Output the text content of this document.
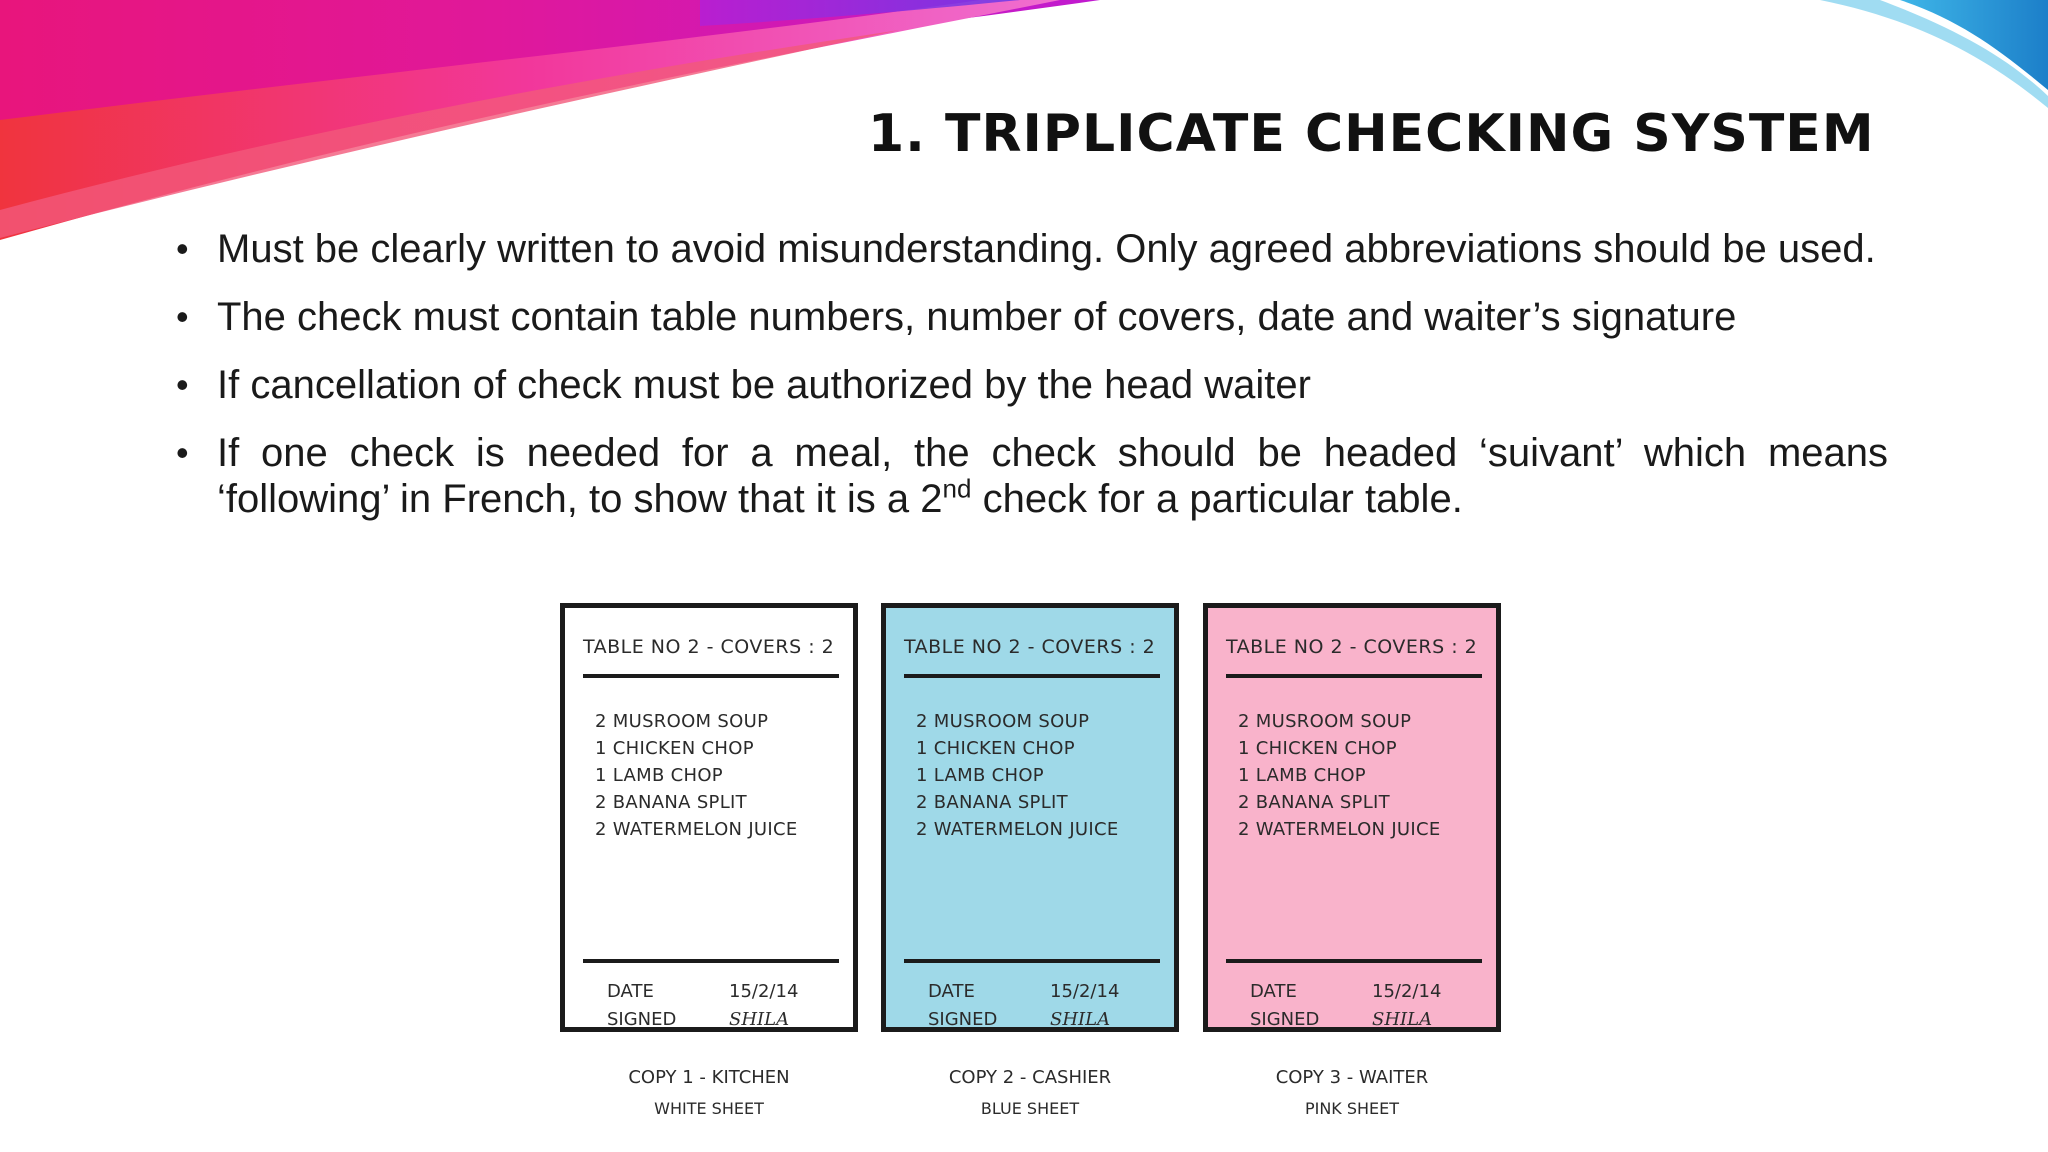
1. TRIPLICATE CHECKING SYSTEM
• Must be clearly written to avoid misunderstanding. Only agreed abbreviations should be used.
• The check must contain table numbers, number of covers, date and waiter’s signature
• If cancellation of check must be authorized by the head waiter
• If one check is needed for a meal, the check should be headed ‘suivant’ which means ‘following’ in French, to show that it is a 2nd check for a particular table.
TABLE NO 2 - COVERS : 2
2 MUSROOM SOUP
1 CHICKEN CHOP
1 LAMB CHOP
2 BANANA SPLIT
2 WATERMELON JUICE
DATE	15/2/14
SIGNED	SHILA
COPY 1 - KITCHEN
WHITE SHEET
TABLE NO 2 - COVERS : 2
2 MUSROOM SOUP
1 CHICKEN CHOP
1 LAMB CHOP
2 BANANA SPLIT
2 WATERMELON JUICE
DATE	15/2/14
SIGNED	SHILA
COPY 2 - CASHIER
BLUE SHEET
TABLE NO 2 - COVERS : 2
2 MUSROOM SOUP
1 CHICKEN CHOP
1 LAMB CHOP
2 BANANA SPLIT
2 WATERMELON JUICE
DATE	15/2/14
SIGNED	SHILA
COPY 3 - WAITER
PINK SHEET
